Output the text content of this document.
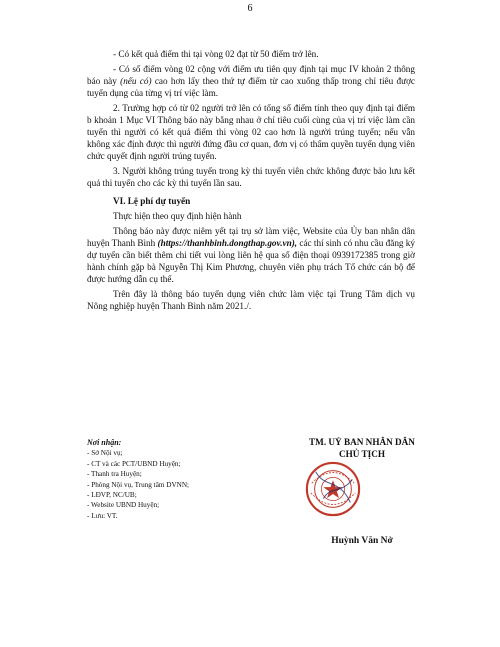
6

- Có kết quả điểm thi tại vòng 02 đạt từ 50 điểm trở lên.

- Có số điểm vòng 02 cộng với điểm ưu tiên quy định tại mục IV khoản 2 thông báo này (nếu có) cao hơn lấy theo thứ tự điểm từ cao xuống thấp trong chỉ tiêu được tuyển dụng của từng vị trí việc làm.

2. Trường hợp có từ 02 người trở lên có tổng số điểm tính theo quy định tại điểm b khoản 1 Mục VI Thông báo này bằng nhau ở chỉ tiêu cuối cùng của vị trí việc làm cần tuyển thì người có kết quả điểm thi vòng 02 cao hơn là người trúng tuyển; nếu vẫn không xác định được thì người đứng đầu cơ quan, đơn vị có thẩm quyền tuyển dụng viên chức quyết định người trúng tuyển.

3. Người không trúng tuyển trong kỳ thi tuyển viên chức không được bảo lưu kết quả thi tuyển cho các kỳ thi tuyển lần sau.

VI. Lệ phí dự tuyển

Thực hiện theo quy định hiện hành

Thông báo này được niêm yết tại trụ sở làm việc, Website của Ủy ban nhân dân huyện Thanh Bình (https://thanhbinh.dongthap.gov.vn), các thí sinh có nhu cầu đăng ký dự tuyển cần biết thêm chi tiết vui lòng liên hệ qua số điện thoại 0939172385 trong giờ hành chính gặp bà Nguyễn Thị Kim Phương, chuyên viên phụ trách Tổ chức cán bộ để được hướng dẫn cụ thể.

Trên đây là thông báo tuyển dụng viên chức làm việc tại Trung Tâm dịch vụ Nông nghiệp huyện Thanh Bình năm 2021./.

Nơi nhận:
- Sở Nội vụ;
- CT và các PCT/UBND Huyện;
- Thanh tra Huyện;
- Phòng Nội vụ, Trung tâm DVNN;
- LĐVP, NC/UB;
- Website UBND Huyện;
- Lưu: VT.
TM. UỶ BAN NHÂN DÂN
CHỦ TỊCH
Huỳnh Văn Nở
